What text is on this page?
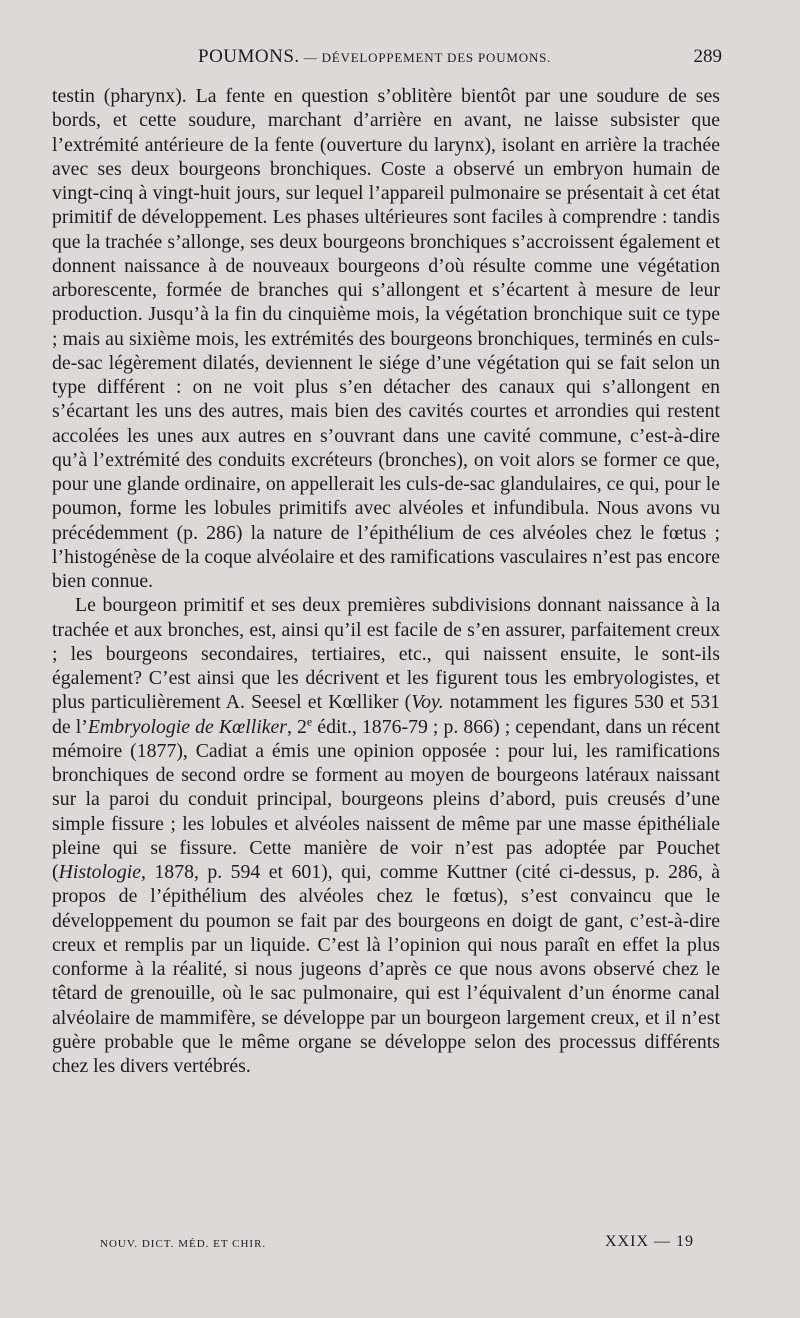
POUMONS. — DÉVELOPPEMENT DES POUMONS.	289

testin (pharynx). La fente en question s’oblitère bientôt par une soudure de ses bords, et cette soudure, marchant d’arrière en avant, ne laisse subsister que l’extrémité antérieure de la fente (ouverture du larynx), isolant en arrière la trachée avec ses deux bourgeons bronchiques. Coste a observé un embryon humain de vingt-cinq à vingt-huit jours, sur lequel l’appareil pulmonaire se présentait à cet état primitif de développement. Les phases ultérieures sont faciles à comprendre : tandis que la trachée s’allonge, ses deux bourgeons bronchiques s’accroissent également et donnent naissance à de nouveaux bourgeons d’où résulte comme une végétation arborescente, formée de branches qui s’allongent et s’écartent à mesure de leur production. Jusqu’à la fin du cinquième mois, la végétation bronchique suit ce type ; mais au sixième mois, les extrémités des bourgeons bronchiques, terminés en culs-de-sac légèrement dilatés, deviennent le siége d’une végétation qui se fait selon un type différent : on ne voit plus s’en détacher des canaux qui s’allongent en s’écartant les uns des autres, mais bien des cavités courtes et arrondies qui restent accolées les unes aux autres en s’ouvrant dans une cavité commune, c’est-à-dire qu’à l’extrémité des conduits excréteurs (bronches), on voit alors se former ce que, pour une glande ordinaire, on appellerait les culs-de-sac glandulaires, ce qui, pour le poumon, forme les lobules primitifs avec alvéoles et infundibula. Nous avons vu précédemment (p. 286) la nature de l’épithélium de ces alvéoles chez le fœtus ; l’histogénèse de la coque alvéolaire et des ramifications vasculaires n’est pas encore bien connue.

Le bourgeon primitif et ses deux premières subdivisions donnant naissance à la trachée et aux bronches, est, ainsi qu’il est facile de s’en assurer, parfaitement creux ; les bourgeons secondaires, tertiaires, etc., qui naissent ensuite, le sont-ils également? C’est ainsi que les décrivent et les figurent tous les embryologistes, et plus particulièrement A. Seesel et Kœlliker (Voy. notamment les figures 530 et 531 de l’Embryologie de Kœlliker, 2e édit., 1876-79 ; p. 866) ; cependant, dans un récent mémoire (1877), Cadiat a émis une opinion opposée : pour lui, les ramifications bronchiques de second ordre se forment au moyen de bourgeons latéraux naissant sur la paroi du conduit principal, bourgeons pleins d’abord, puis creusés d’une simple fissure ; les lobules et alvéoles naissent de même par une masse épithéliale pleine qui se fissure. Cette manière de voir n’est pas adoptée par Pouchet (Histologie, 1878, p. 594 et 601), qui, comme Kuttner (cité ci-dessus, p. 286, à propos de l’épithélium des alvéoles chez le fœtus), s’est convaincu que le développement du poumon se fait par des bourgeons en doigt de gant, c’est-à-dire creux et remplis par un liquide. C’est là l’opinion qui nous paraît en effet la plus conforme à la réalité, si nous jugeons d’après ce que nous avons observé chez le têtard de grenouille, où le sac pulmonaire, qui est l’équivalent d’un énorme canal alvéolaire de mammifère, se développe par un bourgeon largement creux, et il n’est guère probable que le même organe se développe selon des processus différents chez les divers vertébrés.

NOUV. DICT. MÉD. ET CHIR.	XXIX — 19
